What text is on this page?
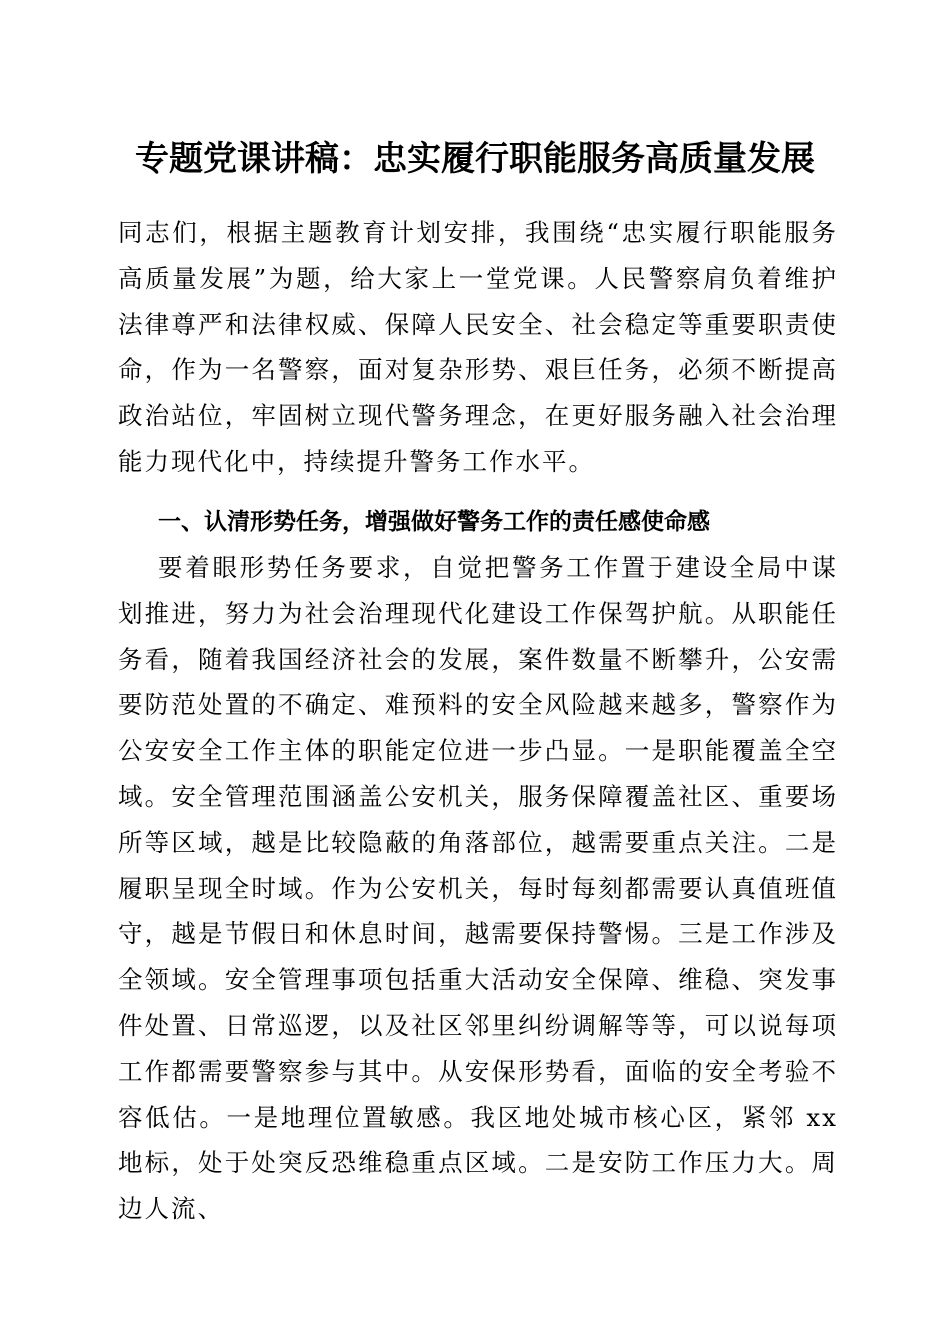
专题党课讲稿：忠实履行职能服务高质量发展
同志们，根据主题教育计划安排，我围绕“忠实履行职能服务高质量发展”为题，给大家上一堂党课。人民警察肩负着维护法律尊严和法律权威、保障人民安全、社会稳定等重要职责使命，作为一名警察，面对复杂形势、艰巨任务，必须不断提高政治站位，牢固树立现代警务理念，在更好服务融入社会治理能力现代化中，持续提升警务工作水平。
一、认清形势任务，增强做好警务工作的责任感使命感
要着眼形势任务要求，自觉把警务工作置于建设全局中谋划推进，努力为社会治理现代化建设工作保驾护航。从职能任务看，随着我国经济社会的发展，案件数量不断攀升，公安需要防范处置的不确定、难预料的安全风险越来越多，警察作为公安安全工作主体的职能定位进一步凸显。一是职能覆盖全空域。安全管理范围涵盖公安机关，服务保障覆盖社区、重要场所等区域，越是比较隐蔽的角落部位，越需要重点关注。二是履职呈现全时域。作为公安机关，每时每刻都需要认真值班值守，越是节假日和休息时间，越需要保持警惕。三是工作涉及全领域。安全管理事项包括重大活动安全保障、维稳、突发事件处置、日常巡逻，以及社区邻里纠纷调解等等，可以说每项工作都需要警察参与其中。从安保形势看，面临的安全考验不容低估。一是地理位置敏感。我区地处城市核心区，紧邻 xx 地标，处于处突反恐维稳重点区域。二是安防工作压力大。周边人流、
